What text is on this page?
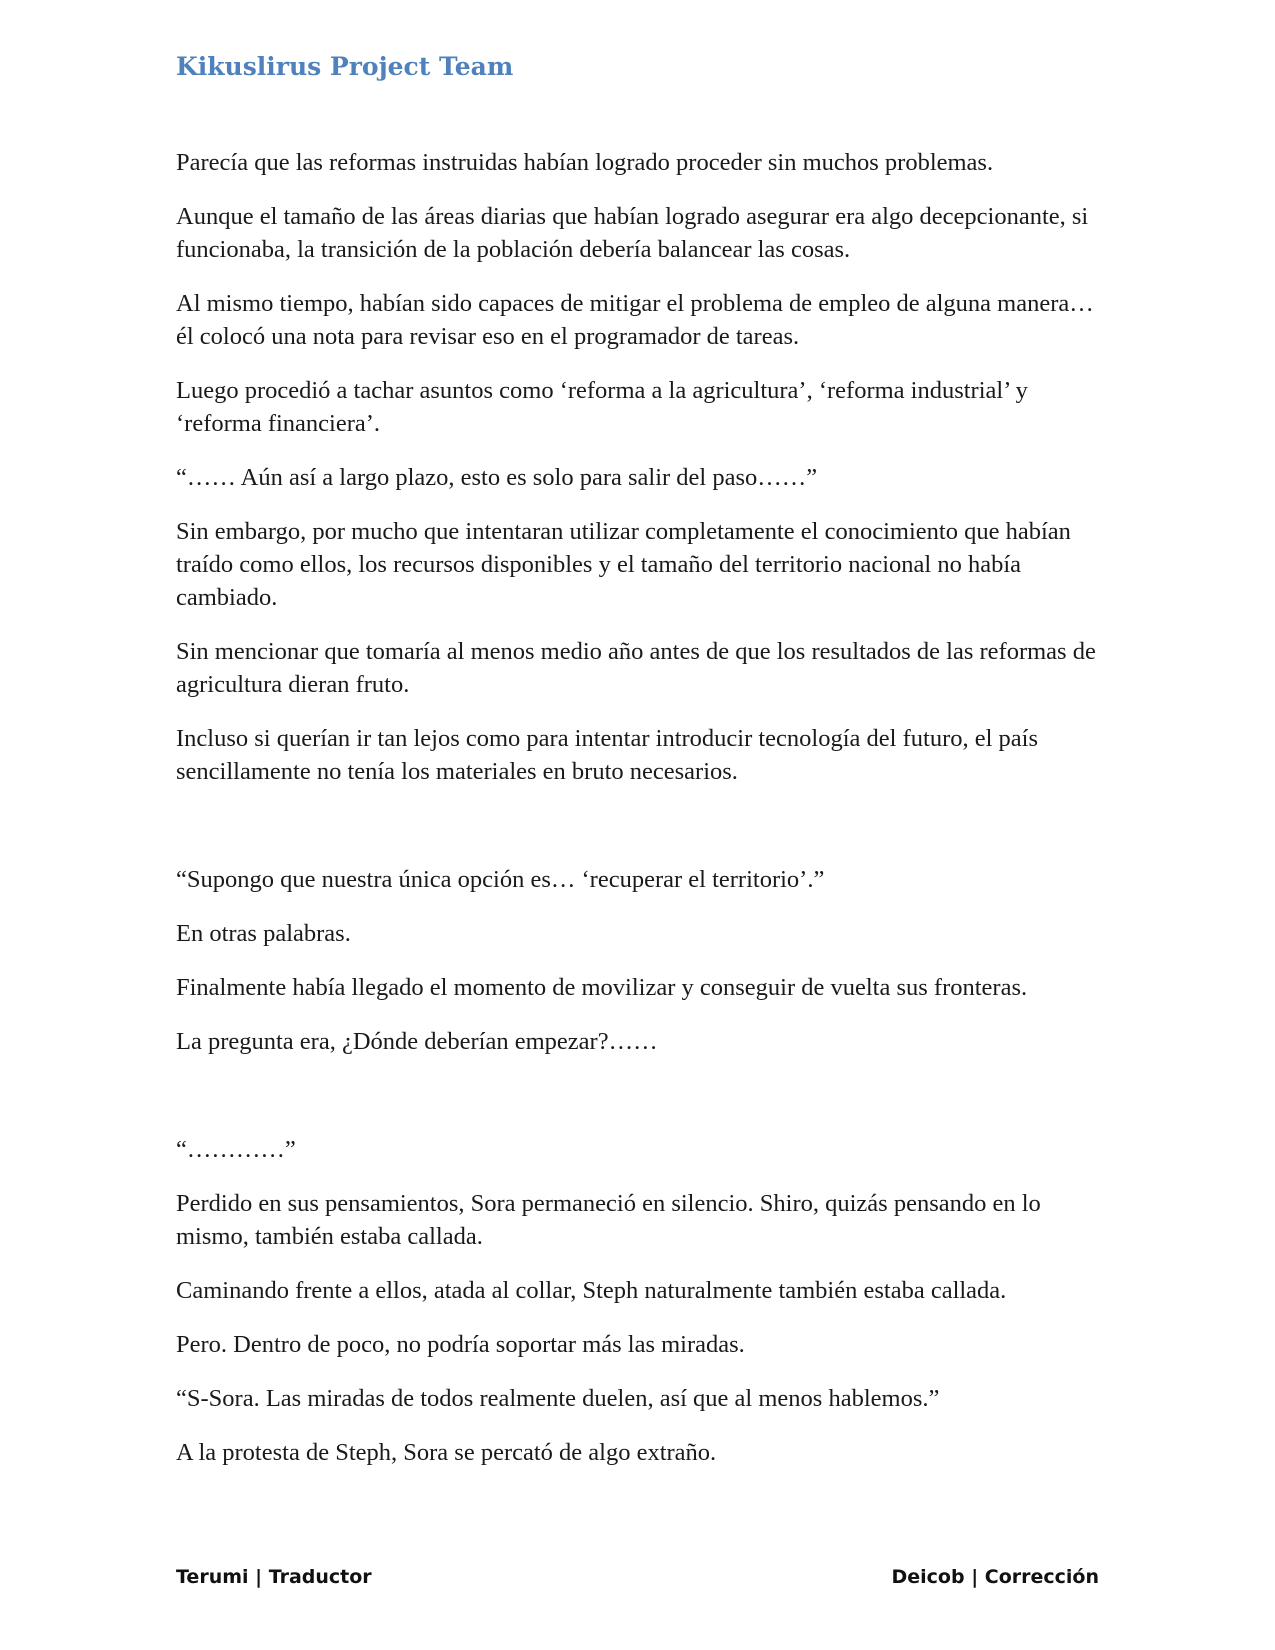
Kikuslirus Project Team

Parecía que las reformas instruidas habían logrado proceder sin muchos problemas.

Aunque el tamaño de las áreas diarias que habían logrado asegurar era algo decepcionante, si funcionaba, la transición de la población debería balancear las cosas.

Al mismo tiempo, habían sido capaces de mitigar el problema de empleo de alguna manera… él colocó una nota para revisar eso en el programador de tareas.

Luego procedió a tachar asuntos como ‘reforma a la agricultura’, ‘reforma industrial’ y ‘reforma financiera’.

“…… Aún así a largo plazo, esto es solo para salir del paso……”

Sin embargo, por mucho que intentaran utilizar completamente el conocimiento que habían traído como ellos, los recursos disponibles y el tamaño del territorio nacional no había cambiado.

Sin mencionar que tomaría al menos medio año antes de que los resultados de las reformas de agricultura dieran fruto.

Incluso si querían ir tan lejos como para intentar introducir tecnología del futuro, el país sencillamente no tenía los materiales en bruto necesarios.

“Supongo que nuestra única opción es… ‘recuperar el territorio’.”

En otras palabras.

Finalmente había llegado el momento de movilizar y conseguir de vuelta sus fronteras.

La pregunta era, ¿Dónde deberían empezar?……

“…………”

Perdido en sus pensamientos, Sora permaneció en silencio. Shiro, quizás pensando en lo mismo, también estaba callada.

Caminando frente a ellos, atada al collar, Steph naturalmente también estaba callada.

Pero. Dentro de poco, no podría soportar más las miradas.

“S-Sora. Las miradas de todos realmente duelen, así que al menos hablemos.”

A la protesta de Steph, Sora se percató de algo extraño.

Terumi | Traductor	Deicob | Corrección
